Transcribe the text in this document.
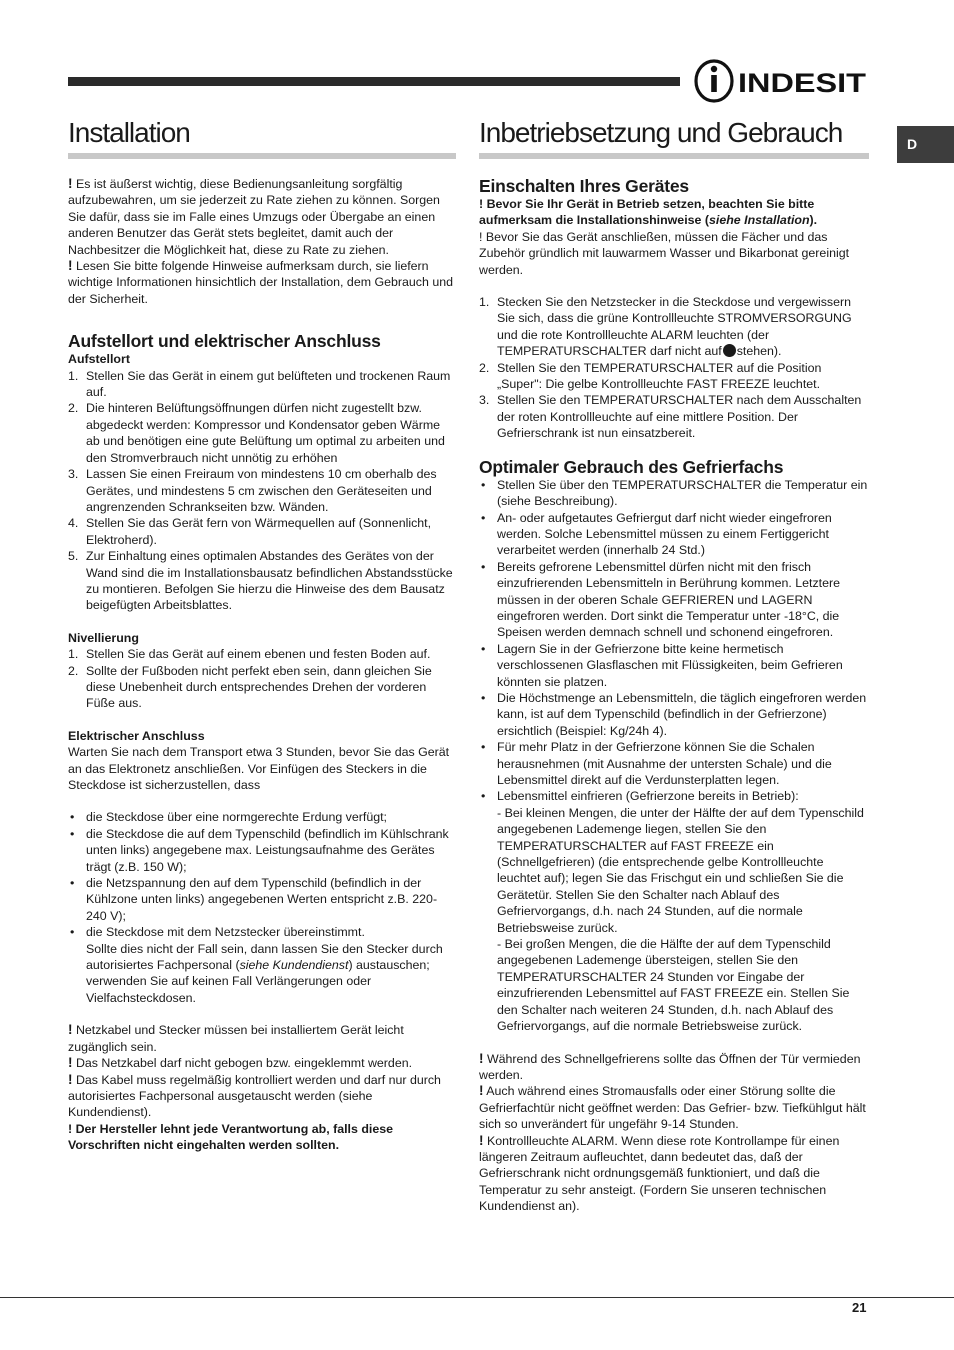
INDESIT
D
Installation

! Es ist äußerst wichtig, diese Bedienungsanleitung sorgfältig aufzubewahren, um sie jederzeit zu Rate ziehen zu können. Sorgen Sie dafür, dass sie im Falle eines Umzugs oder Übergabe an einen anderen Benutzer das Gerät stets begleitet, damit auch der Nachbesitzer die Möglichkeit hat, diese zu Rate zu ziehen.

! Lesen Sie bitte folgende Hinweise aufmerksam durch, sie liefern wichtige Informationen hinsichtlich der Installation, dem Gebrauch und der Sicherheit.

Aufstellort und elektrischer Anschluss
Aufstellort
1. Stellen Sie das Gerät in einem gut belüfteten und trockenen Raum auf.
2. Die hinteren Belüftungsöffnungen dürfen nicht zugestellt bzw. abgedeckt werden: Kompressor und Kondensator geben Wärme ab und benötigen eine gute Belüftung um optimal zu arbeiten und den Stromverbrauch nicht unnötig zu erhöhen
3. Lassen Sie einen Freiraum von mindestens 10 cm oberhalb des Gerätes, und mindestens 5 cm zwischen den Geräteseiten und angrenzenden Schrankseiten bzw. Wänden.
4. Stellen Sie das Gerät fern von Wärmequellen auf (Sonnenlicht, Elektroherd).
5. Zur Einhaltung eines optimalen Abstandes des Gerätes von der Wand sind die im Installationsbausatz befindlichen Abstandsstücke zu montieren. Befolgen Sie hierzu die Hinweise des dem Bausatz beigefügten Arbeitsblattes.
Nivellierung
1. Stellen Sie das Gerät auf einem ebenen und festen Boden auf.
2. Sollte der Fußboden nicht perfekt eben sein, dann gleichen Sie diese Unebenheit durch entsprechendes Drehen der vorderen Füße aus.
Elektrischer Anschluss

Warten Sie nach dem Transport etwa 3 Stunden, bevor Sie das Gerät an das Elektronetz anschließen. Vor Einfügen des Steckers in die Steckdose ist sicherzustellen, dass

• die Steckdose über eine normgerechte Erdung verfügt;
• die Steckdose die auf dem Typenschild (befindlich im Kühlschrank unten links) angegebene max. Leistungsaufnahme des Gerätes trägt (z.B. 150 W);
• die Netzspannung den auf dem Typenschild (befindlich in der Kühlzone unten links) angegebenen Werten entspricht z.B. 220-240 V);
• die Steckdose mit dem Netzstecker übereinstimmt.
Sollte dies nicht der Fall sein, dann lassen Sie den Stecker durch autorisiertes Fachpersonal (siehe Kundendienst) austauschen; verwenden Sie auf keinen Fall Verlängerungen oder Vielfachsteckdosen.

! Netzkabel und Stecker müssen bei installiertem Gerät leicht zugänglich sein.

! Das Netzkabel darf nicht gebogen bzw. eingeklemmt werden.

! Das Kabel muss regelmäßig kontrolliert werden und darf nur durch autorisiertes Fachpersonal ausgetauscht werden (siehe Kundendienst).

! Der Hersteller lehnt jede Verantwortung ab, falls diese Vorschriften nicht eingehalten werden sollten.

Inbetriebsetzung und Gebrauch
Einschalten Ihres Gerätes

! Bevor Sie Ihr Gerät in Betrieb setzen, beachten Sie bitte aufmerksam die Installationshinweise (siehe Installation).

! Bevor Sie das Gerät anschließen, müssen die Fächer und das Zubehör gründlich mit lauwarmem Wasser und Bikarbonat gereinigt werden.

1. Stecken Sie den Netzstecker in die Steckdose und vergewissern Sie sich, dass die grüne Kontrollleuchte STROMVERSORGUNG und die rote Kontrollleuchte ALARM leuchten (der TEMPERATURSCHALTER darf nicht auf stehen).
2. Stellen Sie den TEMPERATURSCHALTER auf die Position „Super": Die gelbe Kontrollleuchte FAST FREEZE leuchtet.
3. Stellen Sie den TEMPERATURSCHALTER nach dem Ausschalten der roten Kontrollleuchte auf eine mittlere Position. Der Gefrierschrank ist nun einsatzbereit.
Optimaler Gebrauch des Gefrierfachs
• Stellen Sie über den TEMPERATURSCHALTER die Temperatur ein (siehe Beschreibung).
• An- oder aufgetautes Gefriergut darf nicht wieder eingefroren werden. Solche Lebensmittel müssen zu einem Fertiggericht verarbeitet werden (innerhalb 24 Std.)
• Bereits gefrorene Lebensmittel dürfen nicht mit den frisch einzufrierenden Lebensmitteln in Berührung kommen. Letztere müssen in der oberen Schale GEFRIEREN und LAGERN eingefroren werden. Dort sinkt die Temperatur unter -18°C, die Speisen werden demnach schnell und schonend eingefroren.
• Lagern Sie in der Gefrierzone bitte keine hermetisch verschlossenen Glasflaschen mit Flüssigkeiten, beim Gefrieren könnten sie platzen.
• Die Höchstmenge an Lebensmitteln, die täglich eingefroren werden kann, ist auf dem Typenschild (befindlich in der Gefrierzone) ersichtlich (Beispiel: Kg/24h 4).
• Für mehr Platz in der Gefrierzone können Sie die Schalen herausnehmen (mit Ausnahme der untersten Schale) und die Lebensmittel direkt auf die Verdunsterplatten legen.
• Lebensmittel einfrieren (Gefrierzone bereits in Betrieb):
- Bei kleinen Mengen, die unter der Hälfte der auf dem Typenschild angegebenen Lademenge liegen, stellen Sie den TEMPERATURSCHALTER auf FAST FREEZE ein (Schnellgefrieren) (die entsprechende gelbe Kontrollleuchte leuchtet auf); legen Sie das Frischgut ein und schließen Sie die Gerätetür. Stellen Sie den Schalter nach Ablauf des Gefriervorgangs, d.h. nach 24 Stunden, auf die normale Betriebsweise zurück.
- Bei großen Mengen, die die Hälfte der auf dem Typenschild angegebenen Lademenge übersteigen, stellen Sie den TEMPERATURSCHALTER 24 Stunden vor Eingabe der einzufrierenden Lebensmittel auf FAST FREEZE ein. Stellen Sie den Schalter nach weiteren 24 Stunden, d.h. nach Ablauf des Gefriervorgangs, auf die normale Betriebsweise zurück.

! Während des Schnellgefrierens sollte das Öffnen der Tür vermieden werden.

! Auch während eines Stromausfalls oder einer Störung sollte die Gefrierfachtür nicht geöffnet werden: Das Gefrier- bzw. Tiefkühlgut hält sich so unverändert für ungefähr 9-14 Stunden.

! Kontrollleuchte ALARM. Wenn diese rote Kontrollampe für einen längeren Zeitraum aufleuchtet, dann bedeutet das, daß der Gefrierschrank nicht ordnungsgemäß funktioniert, und daß die Temperatur zu sehr ansteigt. (Fordern Sie unseren technischen Kundendienst an).

21
